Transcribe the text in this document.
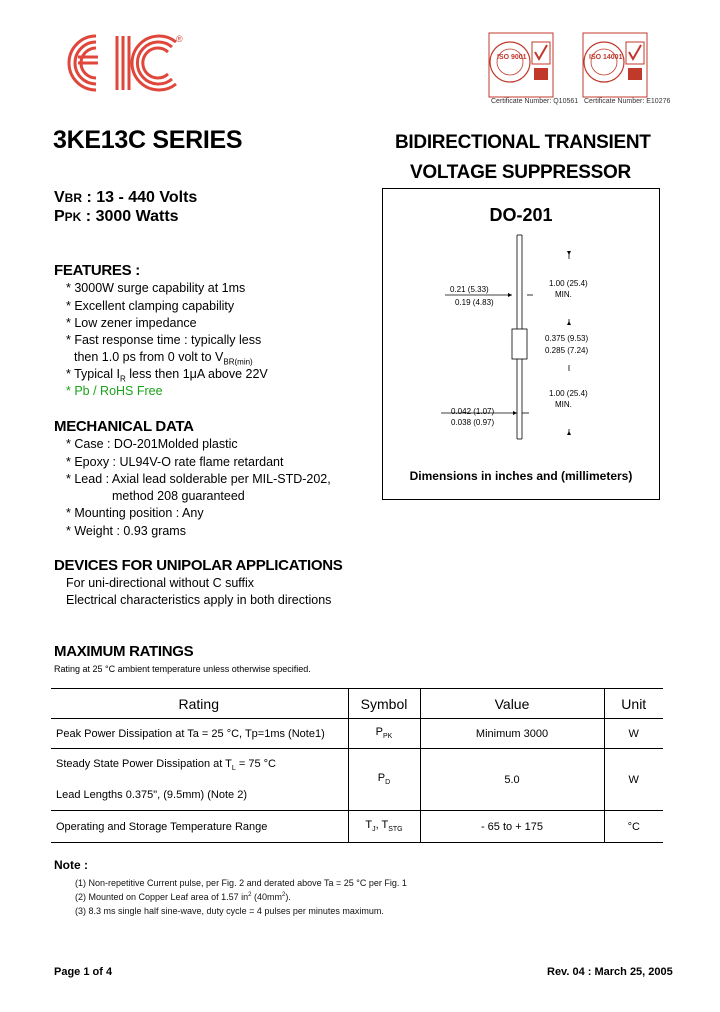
®
Certificate Number: Q10561
ISO 9001
Certificate Number: E10276
ISO 14001
3KE13C SERIES	BIDIRECTIONAL TRANSIENT
VOLTAGE SUPPRESSOR
VBR : 13 - 440 Volts
PPK : 3000 Watts
FEATURES :
* 3000W surge capability at 1ms
* Excellent clamping capability
* Low zener impedance
* Fast response time : typically less
then 1.0 ps from 0 volt to $V_{BR(min)}$
* Typical $I_R$ less then 1μA above 22V
* Pb / RoHS Free
MECHANICAL DATA
* Case : DO-201Molded plastic
* Epoxy : UL94V-O rate flame retardant
* Lead : Axial lead solderable per MIL-STD-202,
method 208 guaranteed
* Mounting position : Any
* Weight : 0.93 grams
DEVICES FOR UNIPOLAR APPLICATIONS
For uni-directional without C suffix
Electrical characteristics apply in both directions
DO-201
1.00 (25.4)
MIN.
0.21 (5.33)
0.19 (4.83)
0.375 (9.53)
0.285 (7.24)
1.00 (25.4)
MIN.
0.042 (1.07)
0.038 (0.97)
Dimensions in inches and (millimeters)
MAXIMUM RATINGS
Rating at 25 °C ambient temperature unless otherwise specified.
Rating	Symbol	Value	Unit
Peak Power Dissipation at Ta = 25 °C, Tp=1ms (Note1)	$P_{PK}$	Minimum 3000	W

Steady State Power Dissipation at $T_L = 75$ °C
Lead Lengths 0.375", (9.5mm) (Note 2)	$P_D$	5.0	W
Operating and Storage Temperature Range	$T_J$, $T_{STG}$	- 65 to + 175	°C
Note :
(1) Non-repetitive Current pulse, per Fig. 2 and derated above Ta = 25 °C per Fig. 1
(2) Mounted on Copper Leaf area of 1.57 $in^2$ $(40mm^2)$.
(3) 8.3 ms single half sine-wave, duty cycle = 4 pulses per minutes maximum.
Page 1 of 4	Rev. 04 : March 25, 2005
